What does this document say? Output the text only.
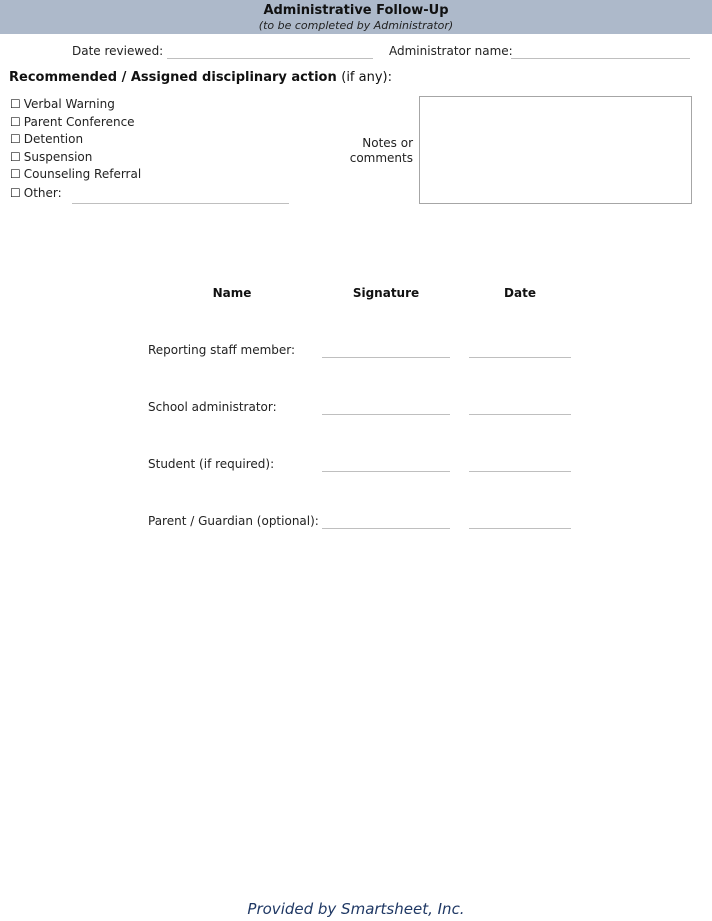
Administrative Follow-Up
(to be completed by Administrator)
Date reviewed:	Administrator name:
Recommended / Assigned disciplinary action (if any):
☐ Verbal Warning
☐ Parent Conference
☐ Detention
☐ Suspension
☐ Counseling Referral
☐ Other:
Notes or
comments
Name	Signature	Date
Reporting staff member:
School administrator:
Student (if required):
Parent / Guardian (optional):
Provided by Smartsheet, Inc.
